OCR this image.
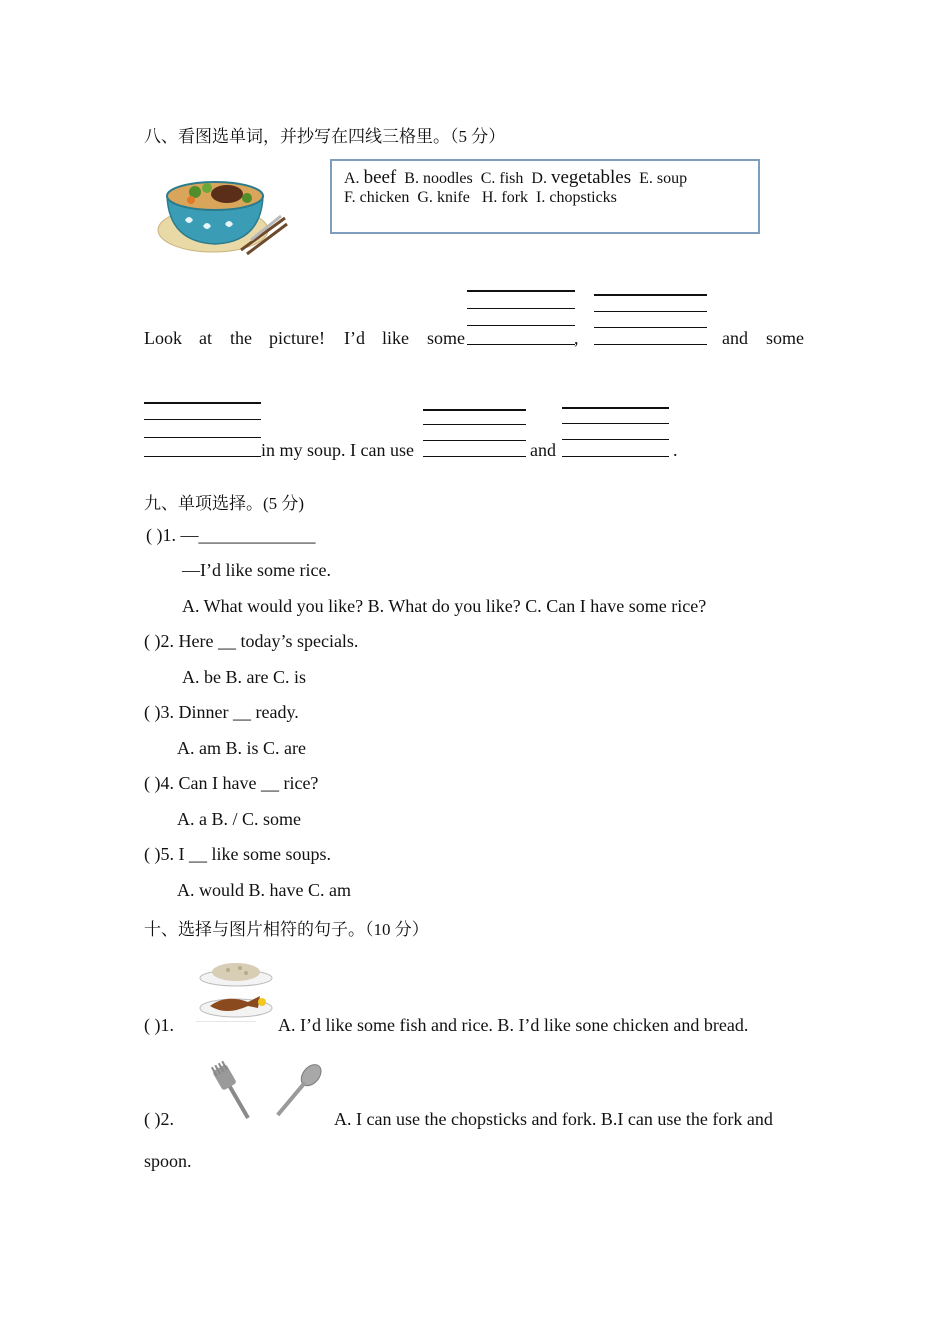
八、看图选单词，并抄写在四线三格里。（5 分）
A. beef B. noodles C. fish D. vegetables E. soup
F. chicken G. knife H. fork I. chopsticks
Look at the picture! I’d like some	,	and some
in my soup. I can use	and	.
九、单项选择。(5 分)
( )1. —_____________
—I’d like some rice.
A. What would you like? B. What do you like? C. Can I have some rice?
( )2. Here __ today’s specials.
A. be B. are C. is
( )3. Dinner __ ready.
A. am B. is C. are
( )4. Can I have __ rice?
A. a B. / C. some
( )5. I __ like some soups.
A. would B. have C. am
十、选择与图片相符的句子。（10 分）
( )1.	A. I’d like some fish and rice. B. I’d like sone chicken and bread.
( )2.	A. I can use the chopsticks and fork. B.I can use the fork and
spoon.
